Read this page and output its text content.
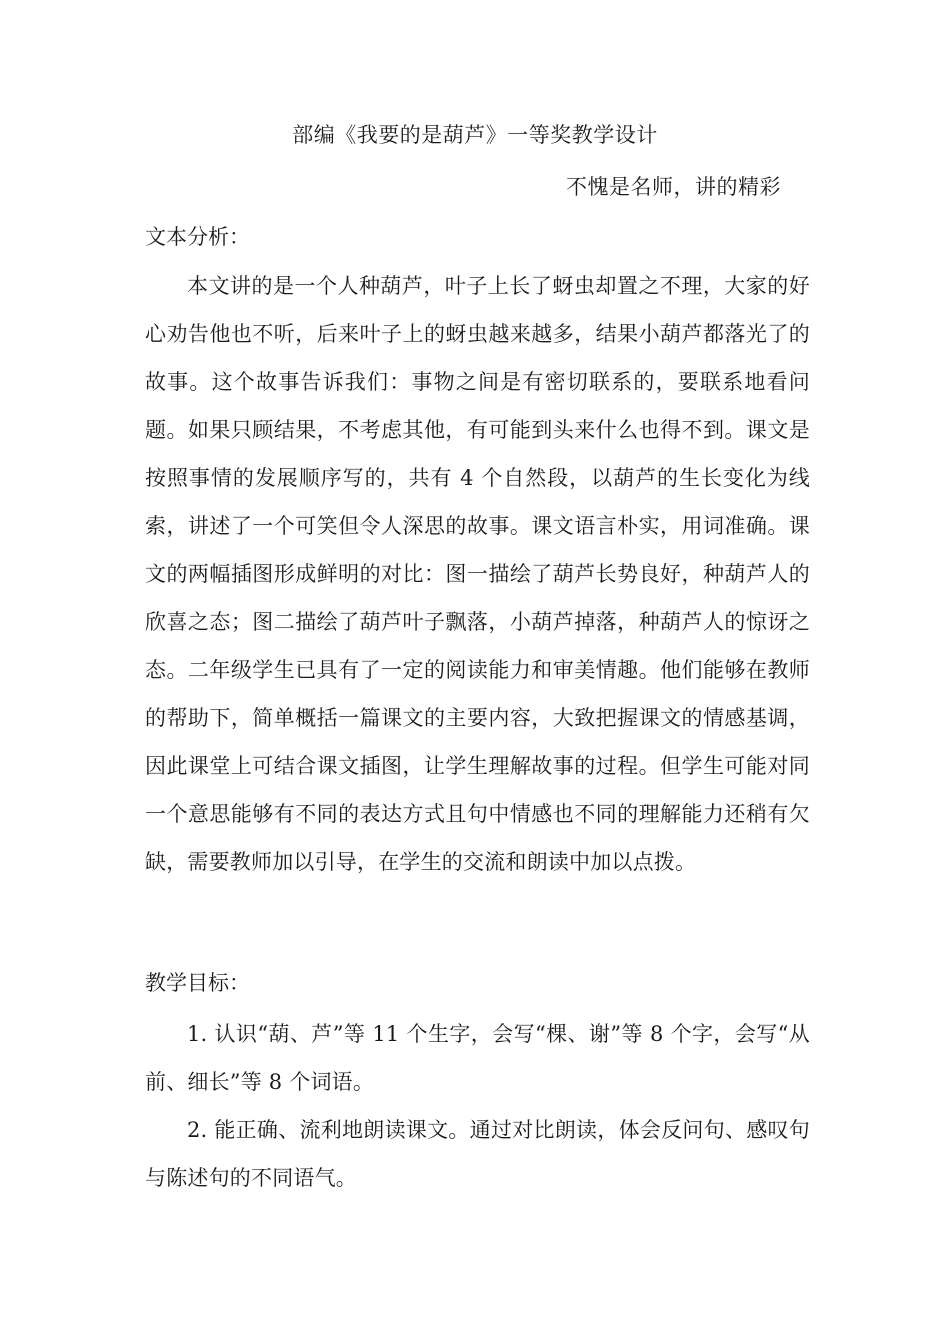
部编《我要的是葫芦》一等奖教学设计
不愧是名师，讲的精彩
文本分析：

本文讲的是一个人种葫芦，叶子上长了蚜虫却置之不理，大家的好心劝告他也不听，后来叶子上的蚜虫越来越多，结果小葫芦都落光了的故事。这个故事告诉我们：事物之间是有密切联系的，要联系地看问题。如果只顾结果，不考虑其他，有可能到头来什么也得不到。课文是按照事情的发展顺序写的，共有 4 个自然段，以葫芦的生长变化为线索，讲述了一个可笑但令人深思的故事。课文语言朴实，用词准确。课文的两幅插图形成鲜明的对比：图一描绘了葫芦长势良好，种葫芦人的欣喜之态；图二描绘了葫芦叶子飘落，小葫芦掉落，种葫芦人的惊讶之态。二年级学生已具有了一定的阅读能力和审美情趣。他们能够在教师的帮助下，简单概括一篇课文的主要内容，大致把握课文的情感基调，因此课堂上可结合课文插图，让学生理解故事的过程。但学生可能对同一个意思能够有不同的表达方式且句中情感也不同的理解能力还稍有欠缺，需要教师加以引导，在学生的交流和朗读中加以点拨。

教学目标：

1. 认识“葫、芦”等 11 个生字，会写“棵、谢”等 8 个字，会写“从前、细长”等 8 个词语。

2. 能正确、流利地朗读课文。通过对比朗读，体会反问句、感叹句与陈述句的不同语气。
